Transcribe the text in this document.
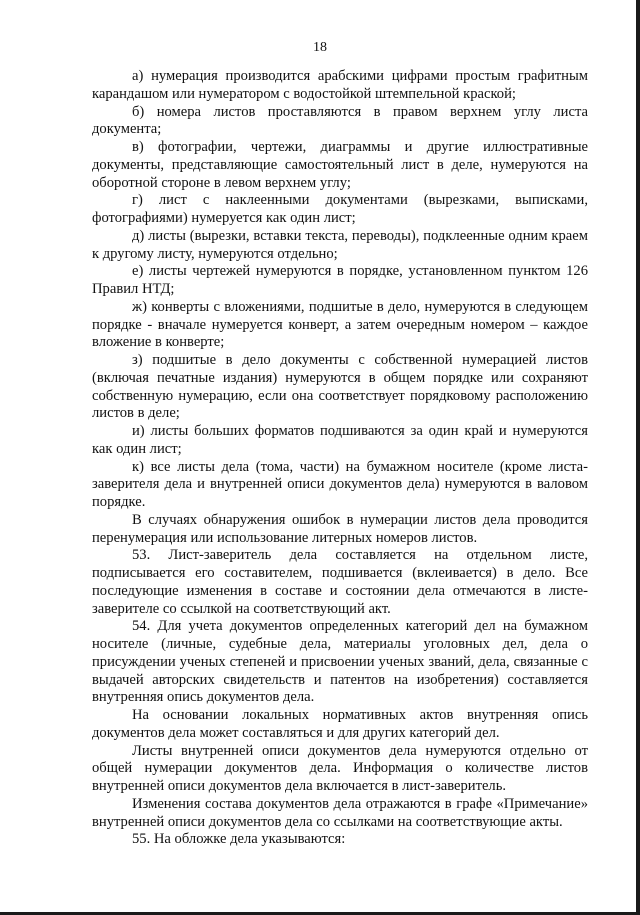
18

а) нумерация производится арабскими цифрами простым графитным карандашом или нумератором с водостойкой штемпельной краской;

б) номера листов проставляются в правом верхнем углу листа документа;

в) фотографии, чертежи, диаграммы и другие иллюстративные документы, представляющие самостоятельный лист в деле, нумеруются на оборотной стороне в левом верхнем углу;

г) лист с наклеенными документами (вырезками, выписками, фотографиями) нумеруется как один лист;

д) листы (вырезки, вставки текста, переводы), подклеенные одним краем к другому листу, нумеруются отдельно;

е) листы чертежей нумеруются в порядке, установленном пунктом 126 Правил НТД;

ж) конверты с вложениями, подшитые в дело, нумеруются в следующем порядке - вначале нумеруется конверт, а затем очередным номером – каждое вложение в конверте;

з) подшитые в дело документы с собственной нумерацией листов (включая печатные издания) нумеруются в общем порядке или сохраняют собственную нумерацию, если она соответствует порядковому расположению листов в деле;

и) листы больших форматов подшиваются за один край и нумеруются как один лист;

к) все листы дела (тома, части) на бумажном носителе (кроме листа-заверителя дела и внутренней описи документов дела) нумеруются в валовом порядке.

В случаях обнаружения ошибок в нумерации листов дела проводится перенумерация или использование литерных номеров листов.

53. Лист-заверитель дела составляется на отдельном листе, подписывается его составителем, подшивается (вклеивается) в дело. Все последующие изменения в составе и состоянии дела отмечаются в листе-заверителе со ссылкой на соответствующий акт.

54. Для учета документов определенных категорий дел на бумажном носителе (личные, судебные дела, материалы уголовных дел, дела о присуждении ученых степеней и присвоении ученых званий, дела, связанные с выдачей авторских свидетельств и патентов на изобретения) составляется внутренняя опись документов дела.

На основании локальных нормативных актов внутренняя опись документов дела может составляться и для других категорий дел.

Листы внутренней описи документов дела нумеруются отдельно от общей нумерации документов дела. Информация о количестве листов внутренней описи документов дела включается в лист-заверитель.

Изменения состава документов дела отражаются в графе «Примечание» внутренней описи документов дела со ссылками на соответствующие акты.

55. На обложке дела указываются:
